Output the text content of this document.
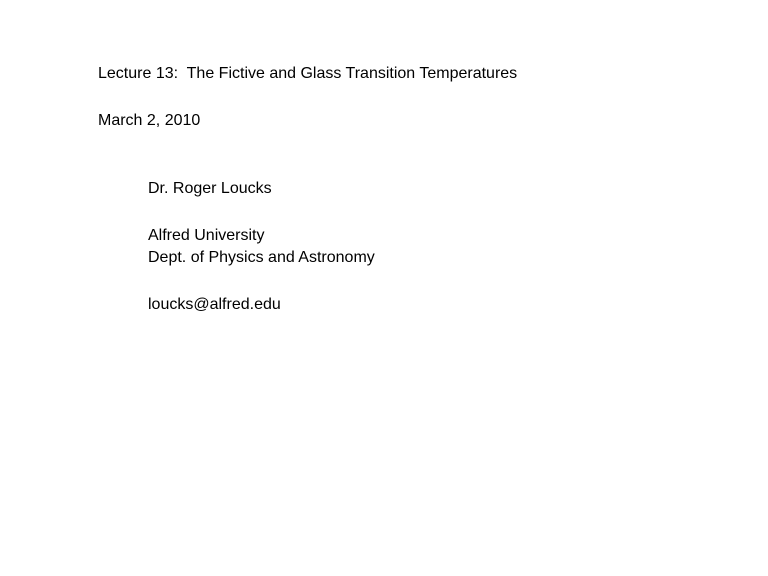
Lecture 13:  The Fictive and Glass Transition Temperatures
March 2, 2010
Dr. Roger Loucks
Alfred University
Dept. of Physics and Astronomy
loucks@alfred.edu
